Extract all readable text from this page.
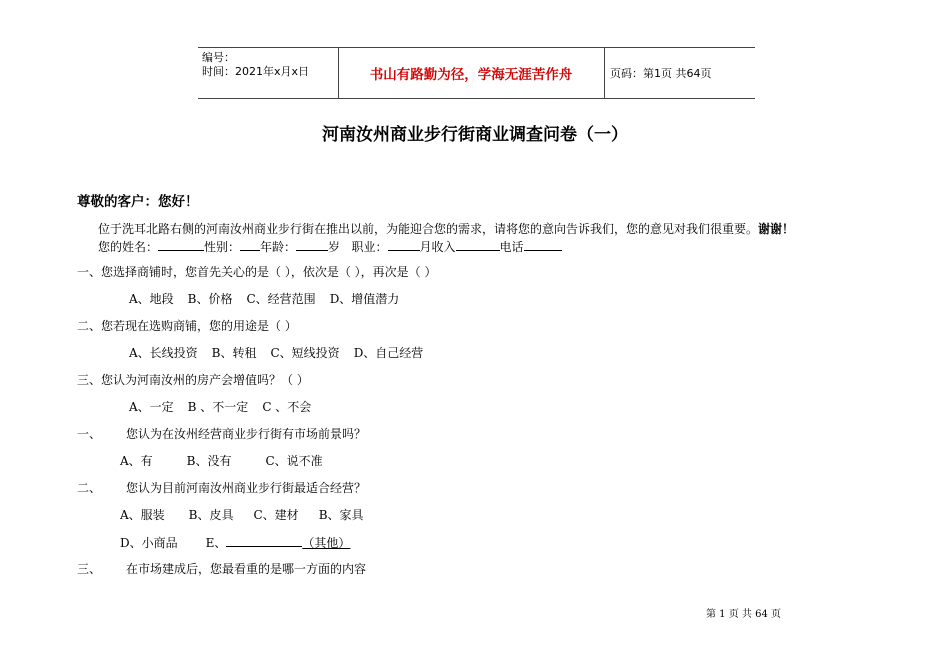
编号：
时间：2021年x月x日	书山有路勤为径，学海无涯苦作舟	页码：第1页 共64页
河南汝州商业步行街商业调查问卷（一）
尊敬的客户：您好！
位于洗耳北路右侧的河南汝州商业步行街在推出以前，为能迎合您的需求，请将您的意向告诉我们，您的意见对我们很重要。谢谢！
您的姓名：	性别： 年龄：	岁 职业：	月收入	电话
一、您选择商铺时，您首先关心的是（ ），依次是（ ），再次是（ ）
A、地段 B、价格 C、经营范围 D、增值潜力
二、您若现在选购商铺，您的用途是（ ）
A、长线投资 B、转租 C、短线投资 D、自己经营
三、您认为河南汝州的房产会增值吗？（ ）
A、一定 B 、不一定 C 、不会
一、 您认为在汝州经营商业步行街有市场前景吗？
A、有	B、没有	C、说不准
二、 您认为目前河南汝州商业步行街最适合经营？
A、服装 B、皮具 C、建材 B、家具
D、小商品 E、	（其他）
三、 在市场建成后，您最看重的是哪一方面的内容
第 1 页 共 64 页
